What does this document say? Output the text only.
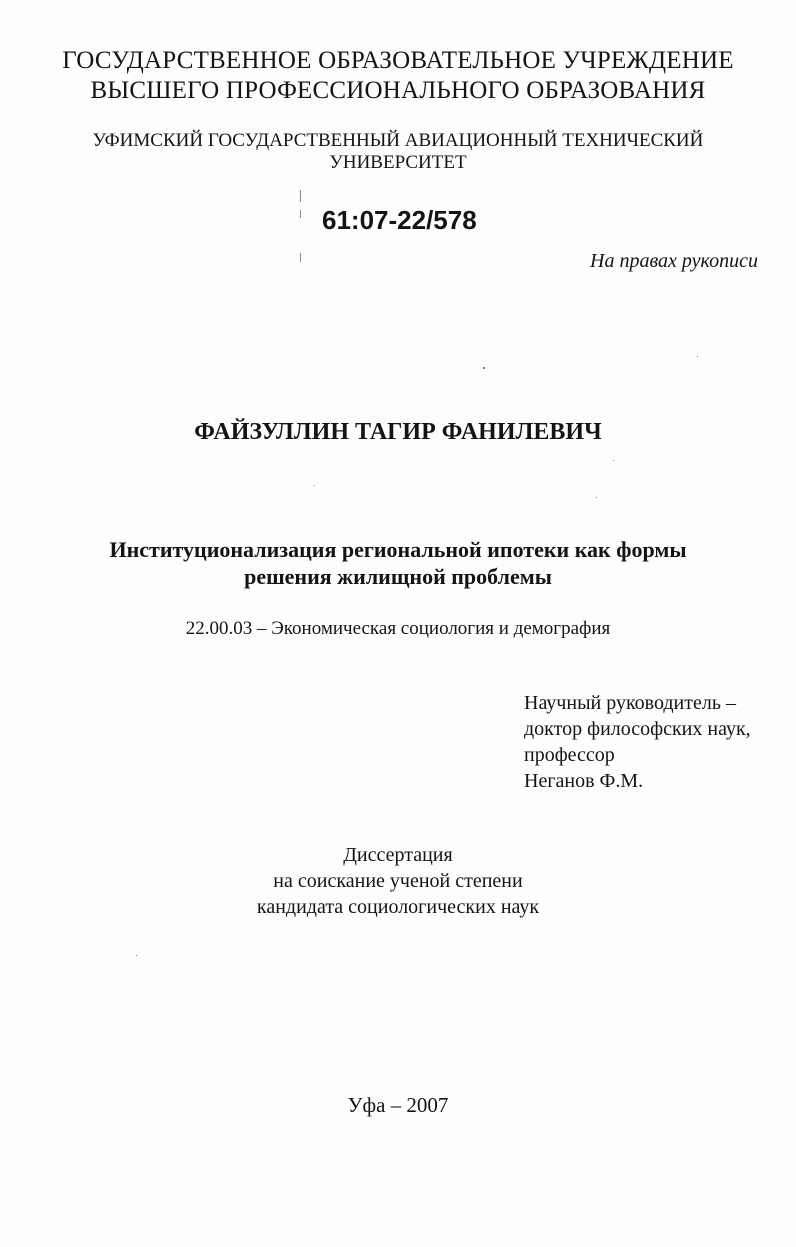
ГОСУДАРСТВЕННОЕ ОБРАЗОВАТЕЛЬНОЕ УЧРЕЖДЕНИЕ
ВЫСШЕГО ПРОФЕССИОНАЛЬНОГО ОБРАЗОВАНИЯ
УФИМСКИЙ ГОСУДАРСТВЕННЫЙ АВИАЦИОННЫЙ ТЕХНИЧЕСКИЙ
УНИВЕРСИТЕТ
61:07-22/578
На правах рукописи
ФАЙЗУЛЛИН ТАГИР ФАНИЛЕВИЧ
Институционализация региональной ипотеки как формы
решения жилищной проблемы
22.00.03 – Экономическая социология и демография
Научный руководитель –
доктор философских наук,
профессор
Неганов Ф.М.
Диссертация
на соискание ученой степени
кандидата социологических наук
Уфа – 2007
